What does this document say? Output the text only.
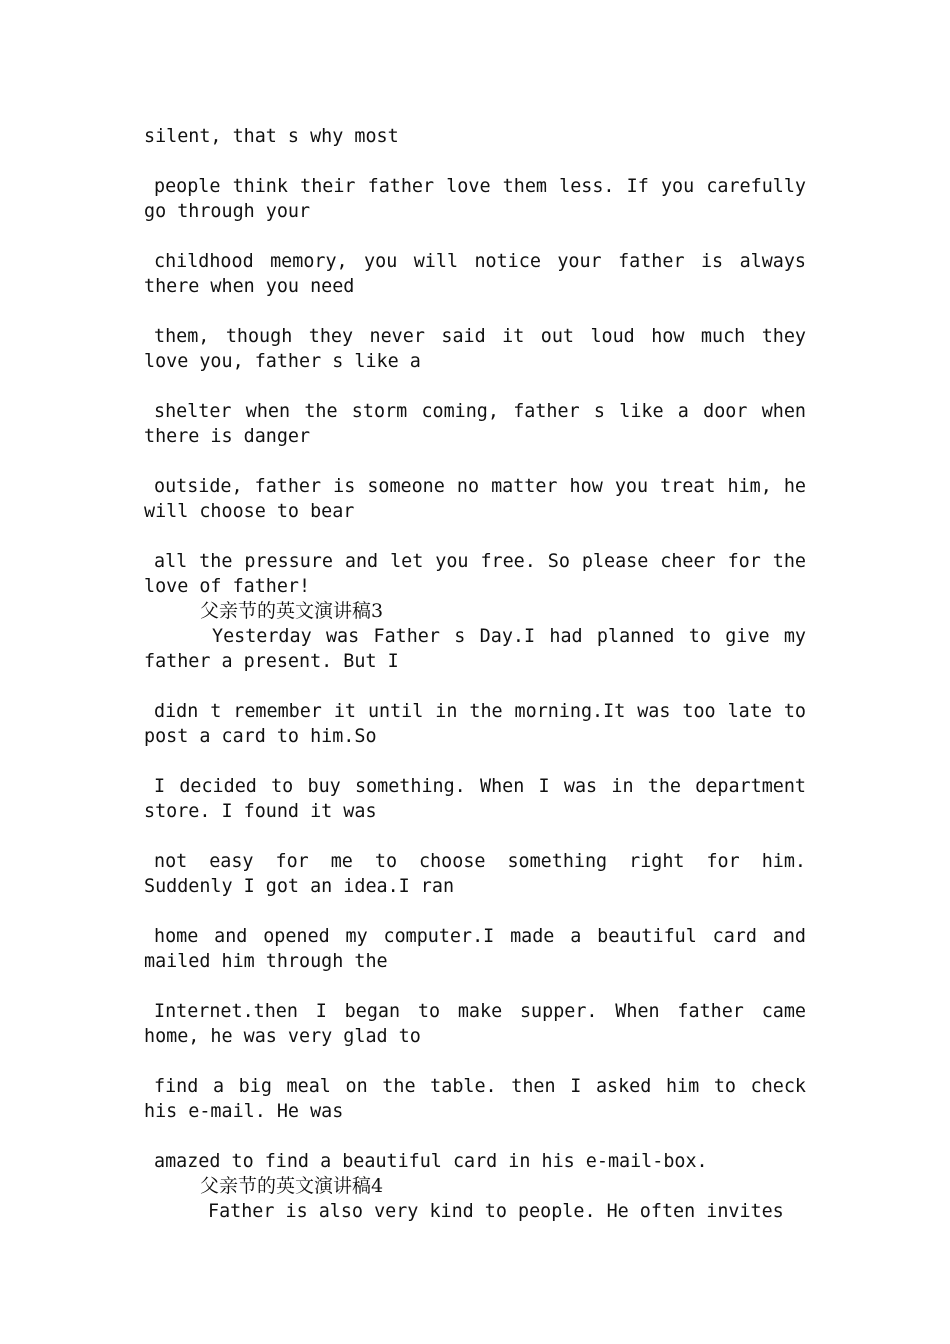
silent, that s why most

people think their father love them less. If you carefully go through your

childhood memory, you will notice your father is always there when you need

them, though they never said it out loud how much they love you, father s like a

shelter when the storm coming, father s like a door when there is danger

outside, father is someone no matter how you treat him, he will choose to bear

all the pressure and let you free. So please cheer for the love of father!

父亲节的英文演讲稿3

Yesterday was Father s Day.I had planned to give my father a present. But I

didn t remember it until in the morning.It was too late to post a card to him.So

I decided to buy something. When I was in the department store. I found it was

not easy for me to choose something right for him. Suddenly I got an idea.I ran

home and opened my computer.I made a beautiful card and mailed him through the

Internet.then I began to make supper. When father came home, he was very glad to

find a big meal on the table. then I asked him to check his e-mail. He was

amazed to find a beautiful card in his e-mail-box.

父亲节的英文演讲稿4

Father is also very kind to people. He often invites
